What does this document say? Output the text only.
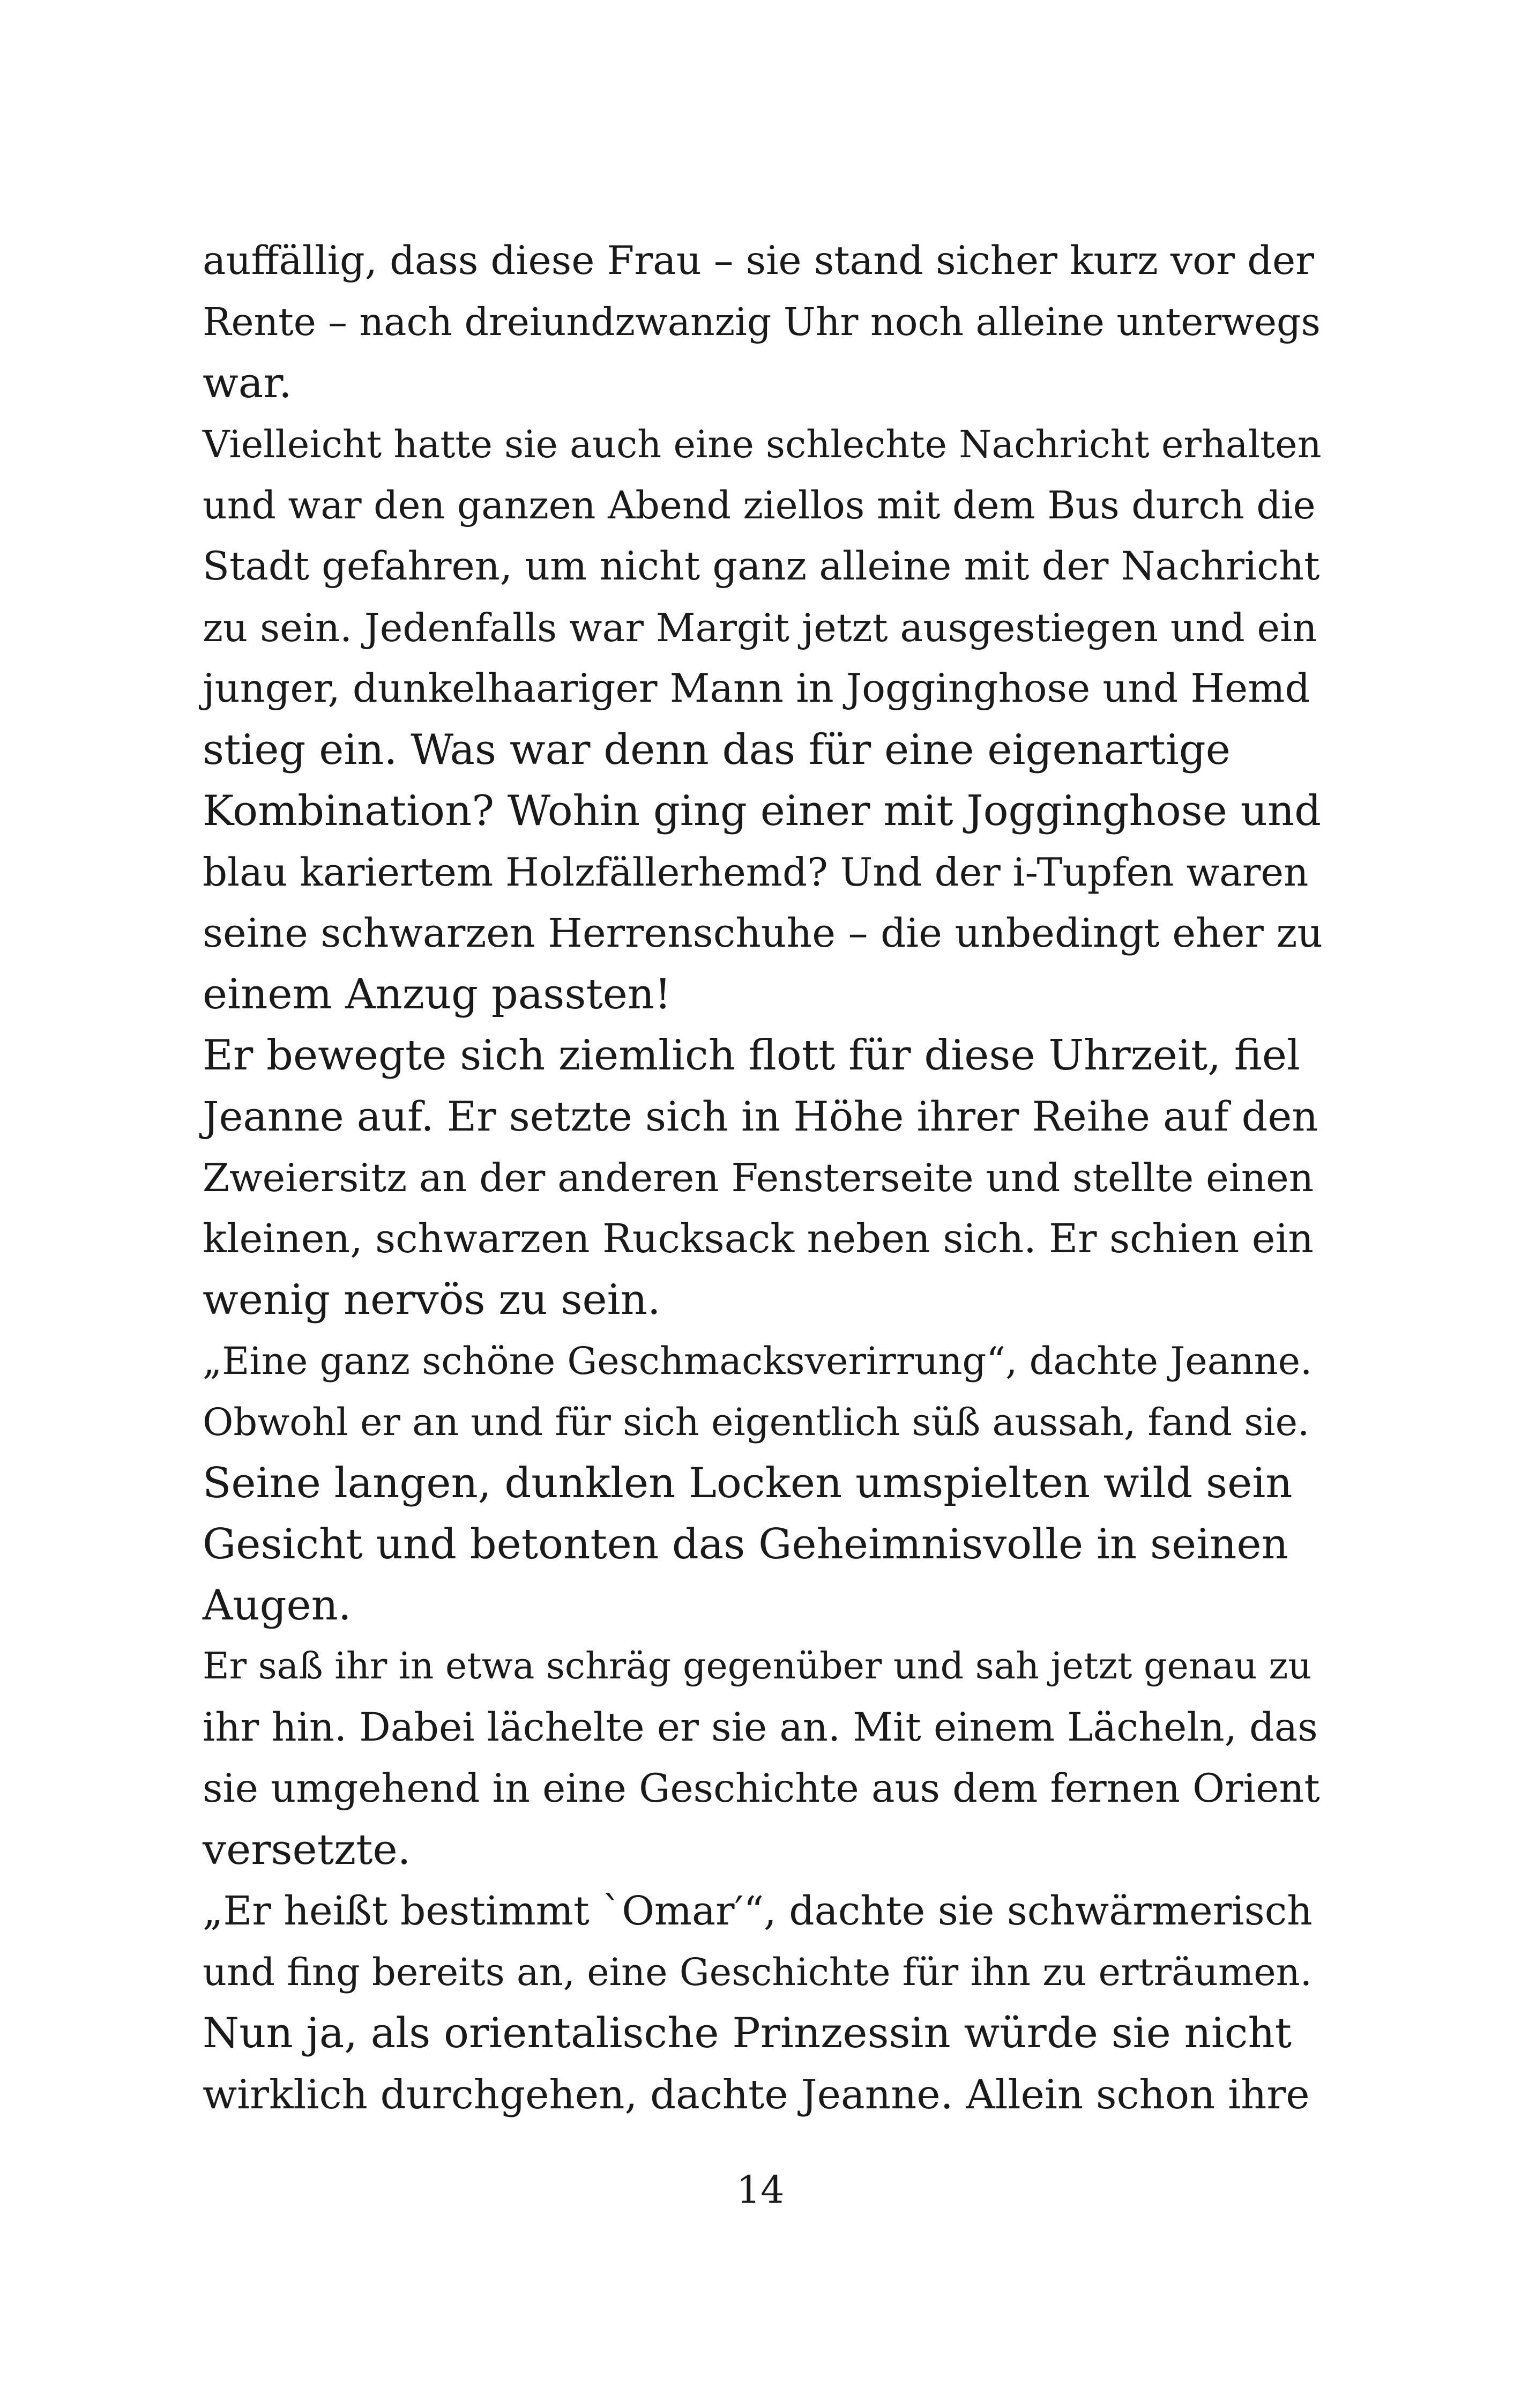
auffällig, dass diese Frau – sie stand sicher kurz vor der
Rente – nach dreiundzwanzig Uhr noch alleine unterwegs
war.
Vielleicht hatte sie auch eine schlechte Nachricht erhalten
und war den ganzen Abend ziellos mit dem Bus durch die
Stadt gefahren, um nicht ganz alleine mit der Nachricht
zu sein. Jedenfalls war Margit jetzt ausgestiegen und ein
junger, dunkelhaariger Mann in Jogginghose und Hemd
stieg ein. Was war denn das für eine eigenartige
Kombination? Wohin ging einer mit Jogginghose und
blau kariertem Holzfällerhemd? Und der i-Tupfen waren
seine schwarzen Herrenschuhe – die unbedingt eher zu
einem Anzug passten!
Er bewegte sich ziemlich flott für diese Uhrzeit, fiel
Jeanne auf. Er setzte sich in Höhe ihrer Reihe auf den
Zweiersitz an der anderen Fensterseite und stellte einen
kleinen, schwarzen Rucksack neben sich. Er schien ein
wenig nervös zu sein.
„Eine ganz schöne Geschmacksverirrung“, dachte Jeanne.
Obwohl er an und für sich eigentlich süß aussah, fand sie.
Seine langen, dunklen Locken umspielten wild sein
Gesicht und betonten das Geheimnisvolle in seinen
Augen.
Er saß ihr in etwa schräg gegenüber und sah jetzt genau zu
ihr hin. Dabei lächelte er sie an. Mit einem Lächeln, das
sie umgehend in eine Geschichte aus dem fernen Orient
versetzte.
„Er heißt bestimmt `Omar′“, dachte sie schwärmerisch
und fing bereits an, eine Geschichte für ihn zu erträumen.
Nun ja, als orientalische Prinzessin würde sie nicht
wirklich durchgehen, dachte Jeanne. Allein schon ihre
14
